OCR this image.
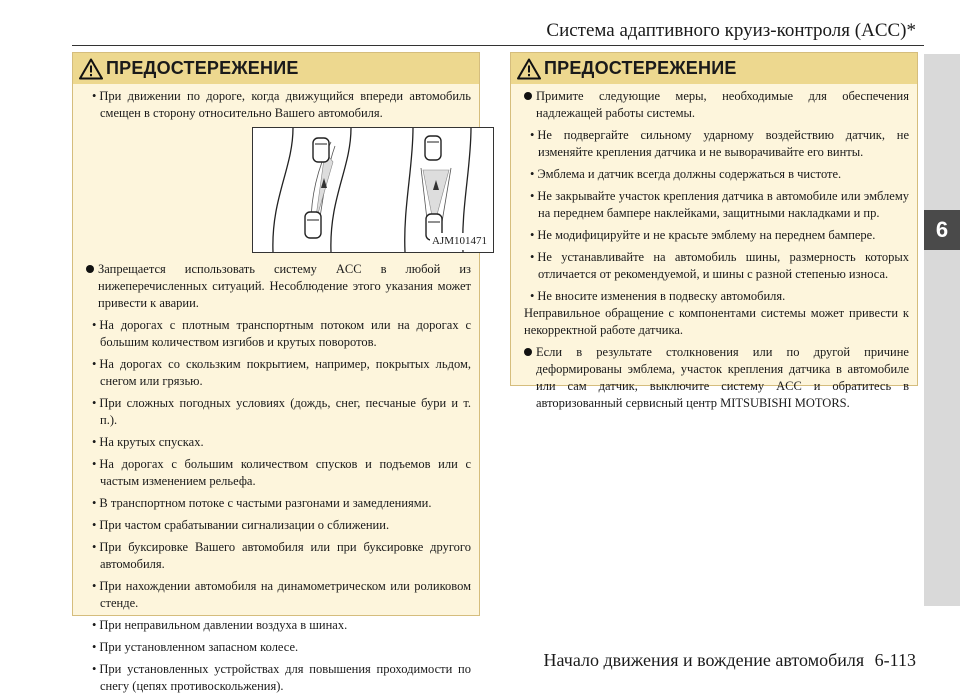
Система адаптивного круиз-контроля (ACC)*
6
ПРЕДОСТЕРЕЖЕНИЕ

• При движении по дороге, когда движущийся впереди автомобиль смещен в сторону относительно Вашего автомобиля.

AJM101471

Запрещается использовать систему ACC в любой из нижеперечисленных ситуаций. Несоблюдение этого указания может привести к аварии.

• На дорогах с плотным транспортным потоком или на дорогах с большим количеством изгибов и крутых поворотов.

• На дорогах со скользким покрытием, например, покрытых льдом, снегом или грязью.

• При сложных погодных условиях (дождь, снег, песчаные бури и т. п.).

• На крутых спусках.

• На дорогах с большим количеством спусков и подъемов или с частым изменением рельефа.

• В транспортном потоке с частыми разгонами и замедлениями.

• При частом срабатывании сигнализации о сближении.

• При буксировке Вашего автомобиля или при буксировке другого автомобиля.

• При нахождении автомобиля на динамометрическом или роликовом стенде.

• При неправильном давлении воздуха в шинах.

• При установленном запасном колесе.

• При установленных устройствах для повышения проходимости по снегу (цепях противоскольжения).

ПРЕДОСТЕРЕЖЕНИЕ

Примите следующие меры, необходимые для обеспечения надлежащей работы системы.

• Не подвергайте сильному ударному воздействию датчик, не изменяйте крепления датчика и не выворачивайте его винты.

• Эмблема и датчик всегда должны содержаться в чистоте.

• Не закрывайте участок крепления датчика в автомобиле или эмблему на переднем бампере наклейками, защитными накладками и пр.

• Не модифицируйте и не красьте эмблему на переднем бампере.

• Не устанавливайте на автомобиль шины, размерность которых отличается от рекомендуемой, и шины с разной степенью износа.

• Не вносите изменения в подвеску автомобиля.

Неправильное обращение с компонентами системы может привести к некорректной работе датчика.

Если в результате столкновения или по другой причине деформированы эмблема, участок крепления датчика в автомобиле или сам датчик, выключите систему ACC и обратитесь в авторизованный сервисный центр MITSUBISHI MOTORS.

Начало движения и вождение автомобиля 6-113
